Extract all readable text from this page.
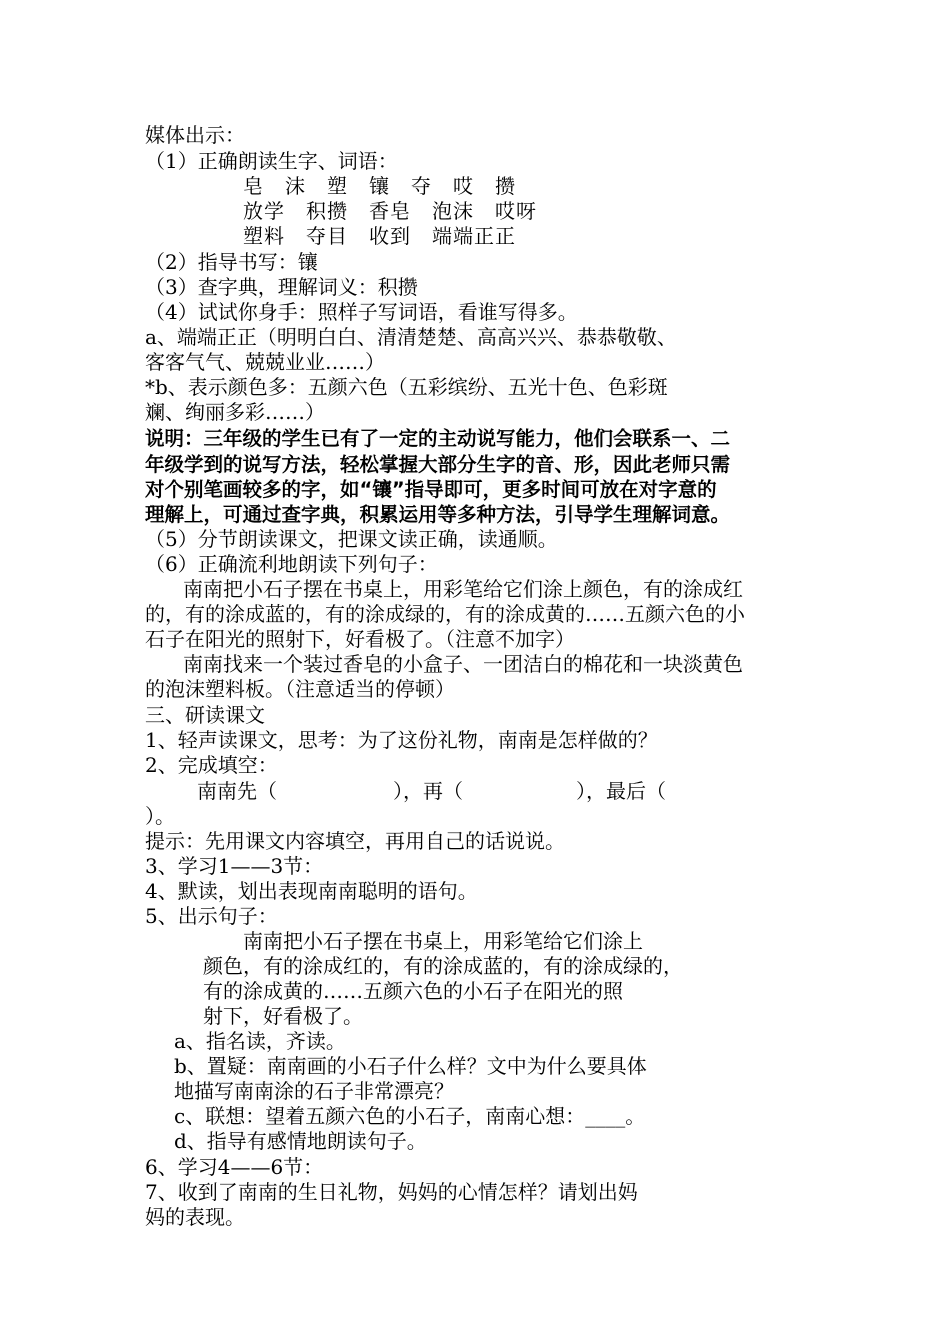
媒体出示：
（1）正确朗读生字、词语：
皂　沫　塑　镶　夺　哎　攒
放学　积攒　香皂　泡沫　哎呀
塑料　夺目　收到　端端正正
（2）指导书写：镶
（3）查字典，理解词义：积攒
（4）试试你身手：照样子写词语，看谁写得多。
a、端端正正（明明白白、清清楚楚、高高兴兴、恭恭敬敬、
客客气气、兢兢业业……）
*b、表示颜色多：五颜六色（五彩缤纷、五光十色、色彩斑
斓、绚丽多彩……）
说明：三年级的学生已有了一定的主动说写能力，他们会联系一、二
年级学到的说写方法，轻松掌握大部分生字的音、形，因此老师只需
对个别笔画较多的字，如“镶”指导即可，更多时间可放在对字意的
理解上，可通过查字典，积累运用等多种方法，引导学生理解词意。
（5）分节朗读课文，把课文读正确，读通顺。
（6）正确流利地朗读下列句子：
南南把小石子摆在书桌上，用彩笔给它们涂上颜色，有的涂成红
的，有的涂成蓝的，有的涂成绿的，有的涂成黄的……五颜六色的小
石子在阳光的照射下，好看极了。（注意不加字）
南南找来一个装过香皂的小盒子、一团洁白的棉花和一块淡黄色
的泡沫塑料板。（注意适当的停顿）
三、研读课文
1、轻声读课文，思考：为了这份礼物，南南是怎样做的？
2、完成填空：
南南先（	），再（	），最后（
）。
提示：先用课文内容填空，再用自己的话说说。
3、学习1——3节：
4、默读，划出表现南南聪明的语句。
5、出示句子：
南南把小石子摆在书桌上，用彩笔给它们涂上
颜色，有的涂成红的，有的涂成蓝的，有的涂成绿的，
有的涂成黄的……五颜六色的小石子在阳光的照
射下，好看极了。
a、指名读，齐读。
b、置疑：南南画的小石子什么样？文中为什么要具体
地描写南南涂的石子非常漂亮？
c、联想：望着五颜六色的小石子，南南心想：____。
d、指导有感情地朗读句子。
6、学习4——6节：
7、收到了南南的生日礼物，妈妈的心情怎样？请划出妈
妈的表现。
